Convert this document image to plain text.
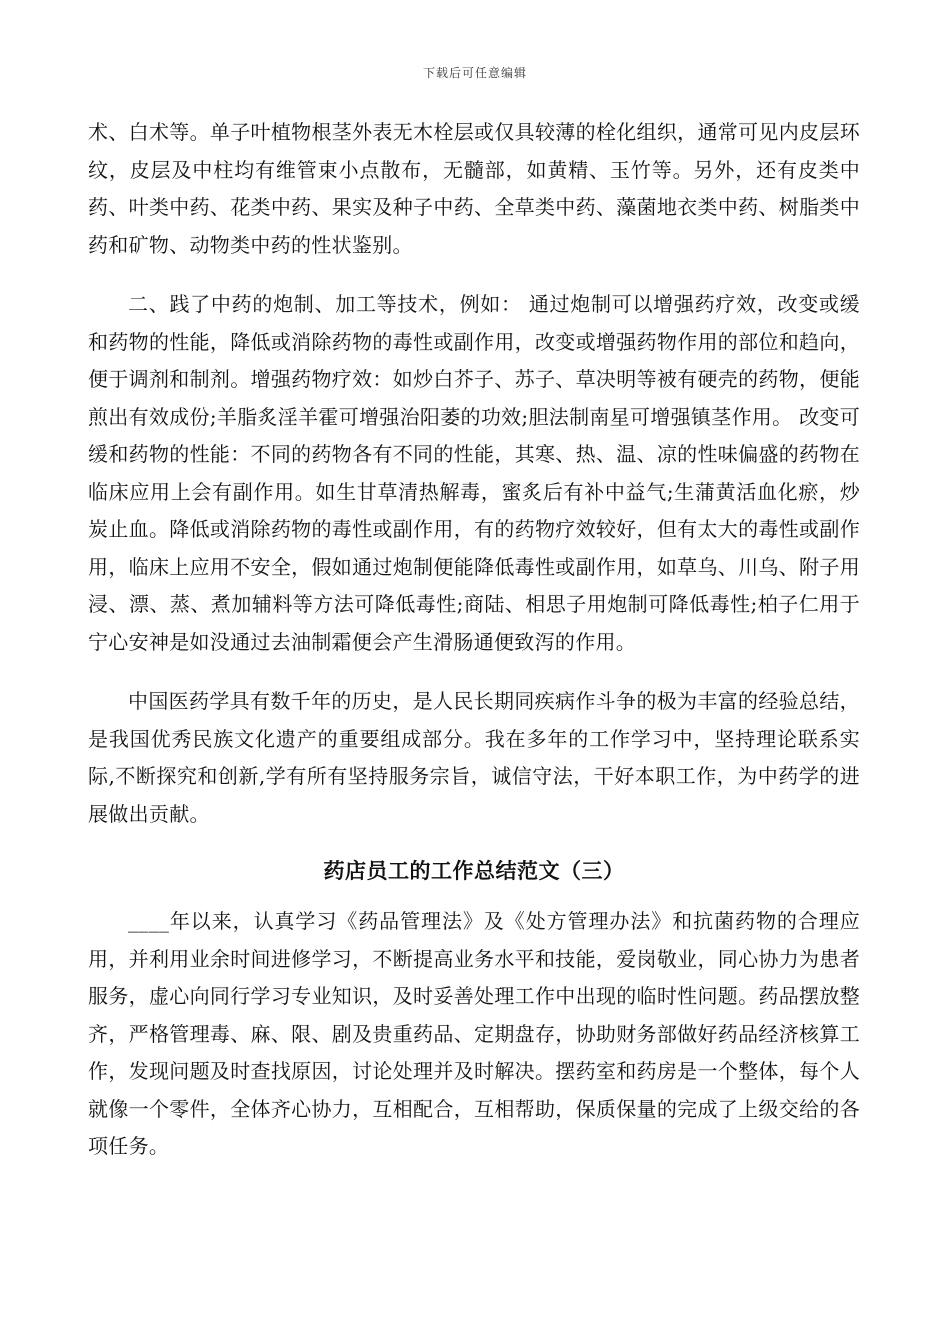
下载后可任意编辑

术、白术等。单子叶植物根茎外表无木栓层或仅具较薄的栓化组织，通常可见内皮层环纹，皮层及中柱均有维管束小点散布，无髓部，如黄精、玉竹等。另外，还有皮类中药、叶类中药、花类中药、果实及种子中药、全草类中药、藻菌地衣类中药、树脂类中药和矿物、动物类中药的性状鉴别。

二、践了中药的炮制、加工等技术，例如： 通过炮制可以增强药疗效，改变或缓和药物的性能，降低或消除药物的毒性或副作用，改变或增强药物作用的部位和趋向，便于调剂和制剂。增强药物疗效：如炒白芥子、苏子、草决明等被有硬壳的药物，便能煎出有效成份;羊脂炙淫羊霍可增强治阳萎的功效;胆法制南星可增强镇茎作用。 改变可缓和药物的性能：不同的药物各有不同的性能，其寒、热、温、凉的性味偏盛的药物在临床应用上会有副作用。如生甘草清热解毒，蜜炙后有补中益气;生蒲黄活血化瘀，炒炭止血。降低或消除药物的毒性或副作用，有的药物疗效较好，但有太大的毒性或副作用，临床上应用不安全，假如通过炮制便能降低毒性或副作用，如草乌、川乌、附子用浸、漂、蒸、煮加辅料等方法可降低毒性;商陆、相思子用炮制可降低毒性;柏子仁用于宁心安神是如没通过去油制霜便会产生滑肠通便致泻的作用。

中国医药学具有数千年的历史，是人民长期同疾病作斗争的极为丰富的经验总结，是我国优秀民族文化遗产的重要组成部分。我在多年的工作学习中，坚持理论联系实际,不断探究和创新,学有所有坚持服务宗旨，诚信守法，干好本职工作，为中药学的进展做出贡献。

药店员工的工作总结范文（三）

____年以来，认真学习《药品管理法》及《处方管理办法》和抗菌药物的合理应用，并利用业余时间进修学习，不断提高业务水平和技能，爱岗敬业，同心协力为患者服务，虚心向同行学习专业知识，及时妥善处理工作中出现的临时性问题。药品摆放整齐，严格管理毒、麻、限、剧及贵重药品、定期盘存，协助财务部做好药品经济核算工作，发现问题及时查找原因，讨论处理并及时解决。摆药室和药房是一个整体，每个人就像一个零件，全体齐心协力，互相配合，互相帮助，保质保量的完成了上级交给的各项任务。
